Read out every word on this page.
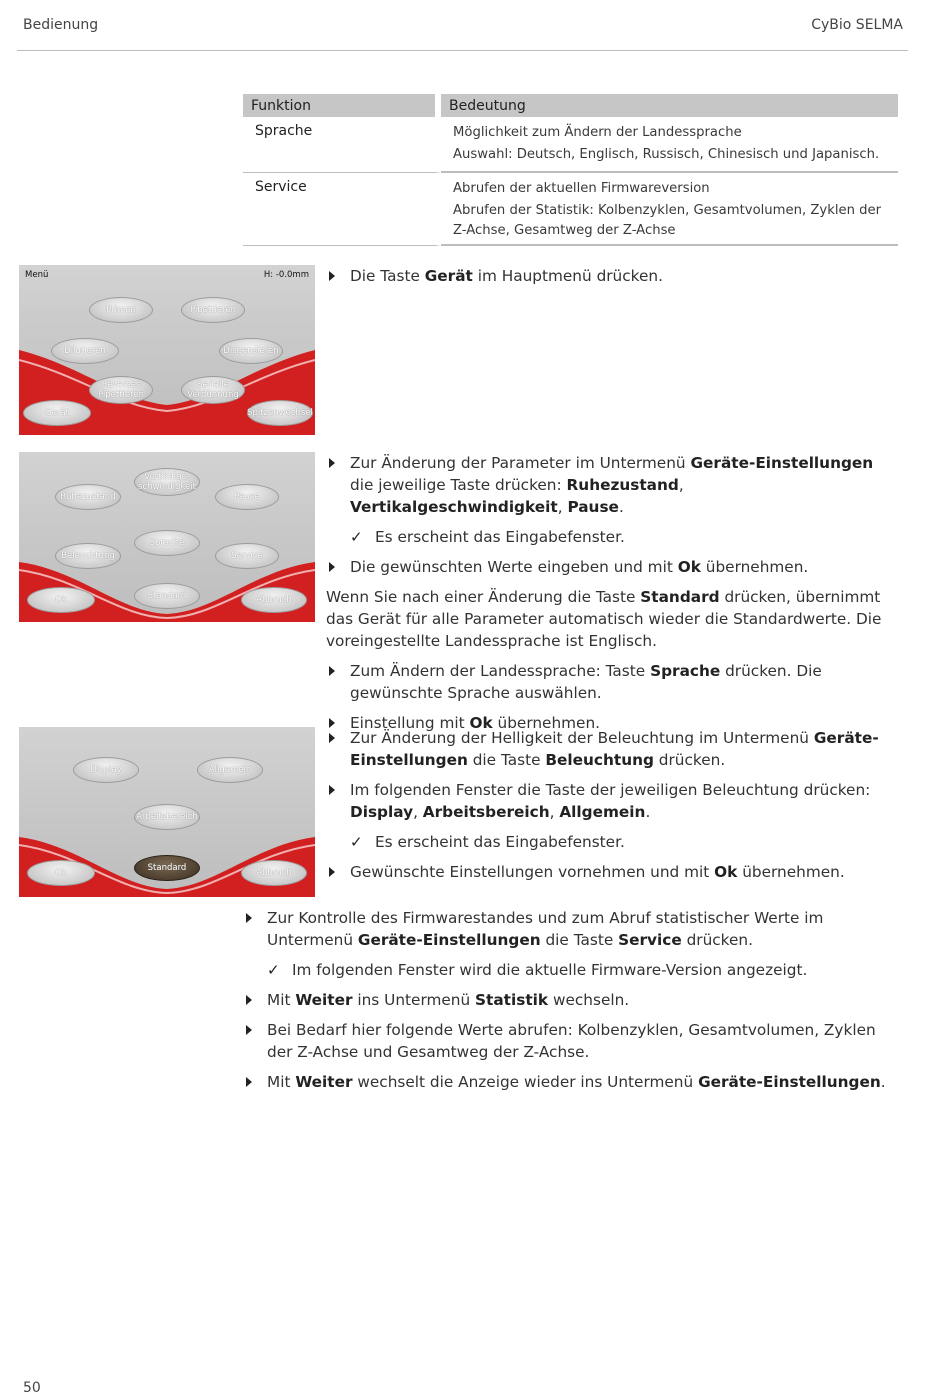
Bedienung	CyBio SELMA
Funktion	Bedeutung
Sprache	Möglichkeit zum Ändern der Landessprache

Auswahl: Deutsch, Englisch, Russisch, Chinesisch und Japanisch.

Service	Abrufen der aktuellen Firmwareversion

Abrufen der Statistik: Kolbenzyklen, Gesamtvolumen, Zyklen der Z-Achse, Gesamtweg der Z-Achse

Menü	H: -0.0mm
Primen	Pipettieren
Dilutieren	Dispensieren
Reverses
Pipettieren
Serielle
Verdünnung
Gerät	Spitzenwechsel
Ruhezustand
Vertikalge-
schwindigkeit
Pause
Sprache
Beleuchtung	Service
Ok	Standard	Abbruch
Display	Allgemein
Arbeitsbereich
Ok	Standard	Abbruch
Die Taste Gerät im Hauptmenü drücken.
Zur Änderung der Parameter im Untermenü Geräte-Einstellungen die jeweilige Taste drücken: Ruhezustand, Vertikalgeschwindigkeit, Pause.
✓ Es erscheint das Eingabefenster.
Die gewünschten Werte eingeben und mit Ok übernehmen.
Wenn Sie nach einer Änderung die Taste Standard drücken, übernimmt das Gerät für alle Parameter automatisch wieder die Standardwerte. Die voreingestellte Landessprache ist Englisch.
Zum Ändern der Landessprache: Taste Sprache drücken. Die gewünschte Sprache auswählen.
Einstellung mit Ok übernehmen.
Zur Änderung der Helligkeit der Beleuchtung im Untermenü Geräte-Einstellungen die Taste Beleuchtung drücken.
Im folgenden Fenster die Taste der jeweiligen Beleuchtung drücken: Display, Arbeitsbereich, Allgemein.
✓ Es erscheint das Eingabefenster.
Gewünschte Einstellungen vornehmen und mit Ok übernehmen.
Zur Kontrolle des Firmwarestandes und zum Abruf statistischer Werte im Untermenü Geräte-Einstellungen die Taste Service drücken.
✓ Im folgenden Fenster wird die aktuelle Firmware-Version angezeigt.
Mit Weiter ins Untermenü Statistik wechseln.
Bei Bedarf hier folgende Werte abrufen: Kolbenzyklen, Gesamtvolumen, Zyklen der Z-Achse und Gesamtweg der Z-Achse.
Mit Weiter wechselt die Anzeige wieder ins Untermenü Geräte-Einstellungen.
50
